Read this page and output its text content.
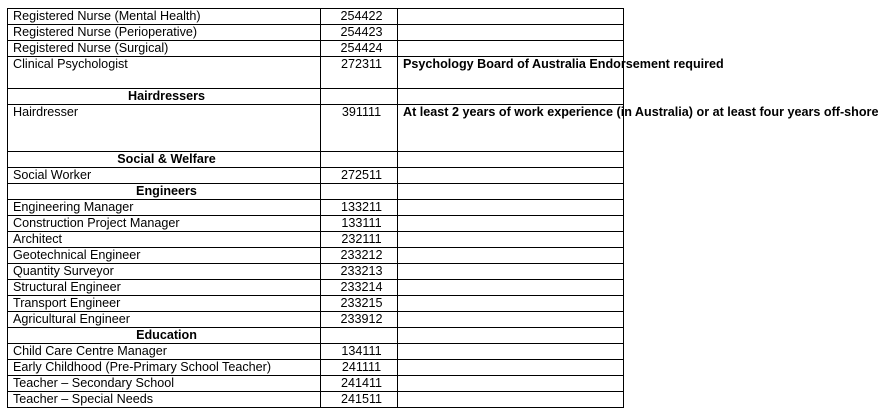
Registered Nurse (Mental Health)	254422	
Registered Nurse (Perioperative)	254423	
Registered Nurse (Surgical)	254424	
Clinical Psychologist	272311	Psychology Board of Australia Endorsement required
Hairdressers		
Hairdresser	391111	At least 2 years of work experience (in Australia) or at least four years off-shore
Social & Welfare		
Social Worker	272511	
Engineers		
Engineering Manager	133211	
Construction Project Manager	133111	
Architect	232111	
Geotechnical Engineer	233212	
Quantity Surveyor	233213	
Structural Engineer	233214	
Transport Engineer	233215	
Agricultural Engineer	233912	
Education		
Child Care Centre Manager	134111	
Early Childhood (Pre-Primary School Teacher)	241111	
Teacher – Secondary School	241411	
Teacher – Special Needs	241511	
